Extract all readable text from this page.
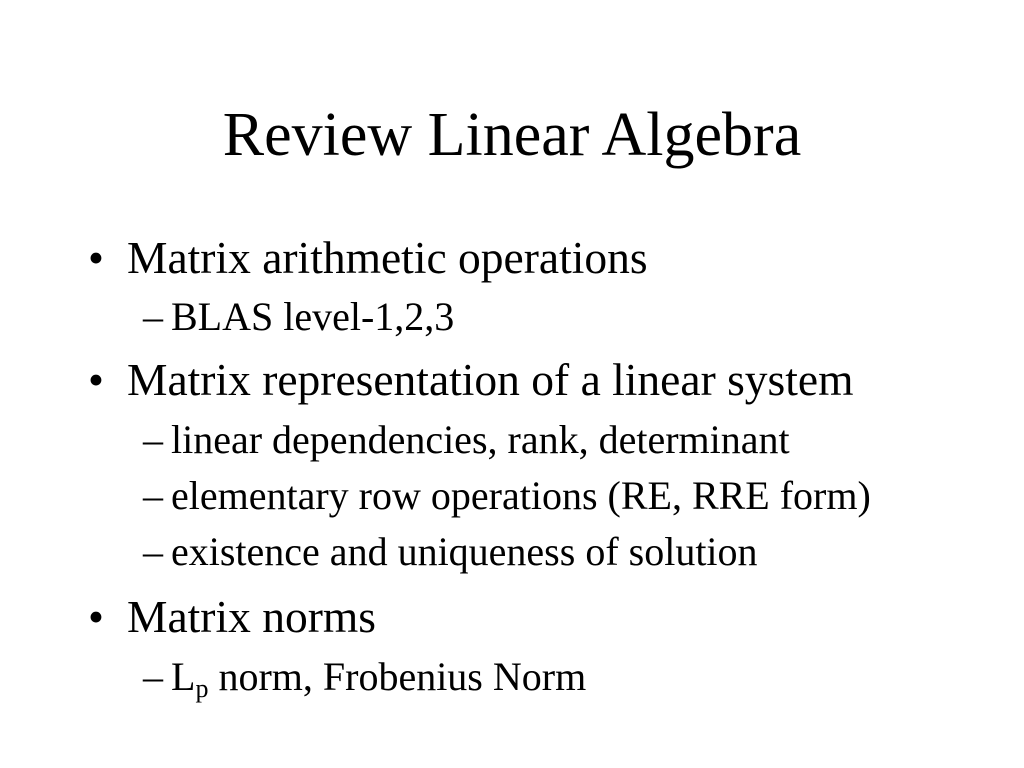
Review Linear Algebra
• Matrix arithmetic operations
– BLAS level-1,2,3
• Matrix representation of a linear system
– linear dependencies, rank, determinant
– elementary row operations (RE, RRE form)
– existence and uniqueness of solution
• Matrix norms
– $L_p$ norm, Frobenius Norm
